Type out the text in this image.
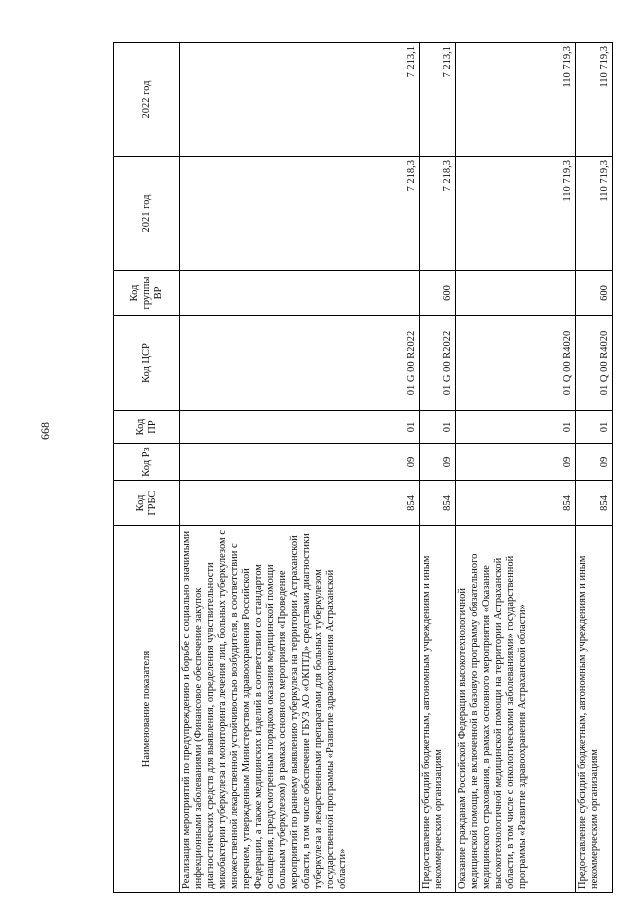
668
Наименование показателя	Код ГРБС	Код Рз	Код ПР	Код ЦСР	Код группы ВР	2021 год	2022 год
Реализация мероприятий по предупреждению и борьбе с социально значимыми инфекционными заболеваниями (Финансовое обеспечение закупок диагностических средств для выявления, определения чувствительности микобактерии туберкулеза и мониторинга лечения лиц, больных туберкулезом с множественной лекарственной устойчивостью возбудителя, в соответствии с перечнем, утвержденным Министерством здравоохранения Российской Федерации, а также медицинских изделий в соответствии со стандартом оснащения, предусмотренным порядком оказания медицинской помощи больным туберкулезом) в рамках основного мероприятия «Проведение мероприятий по раннему выявлению туберкулеза на территории Астраханской области, в том числе обеспечение ГБУЗ АО «ОКПТД» средствами диагностики туберкулеза и лекарственными препаратами для больных туберкулезом государственной программы «Развитие здравоохранения Астраханской области»	854	09	01	01 G 00 R2022		7 218,3	7 213,1
Предоставление субсидий бюджетным, автономным учреждениям и иным некоммерческим организациям	854	09	01	01 G 00 R2022	600	7 218,3	7 213,1
Оказание гражданам Российской Федерации высокотехнологичной медицинской помощи, не включенной в базовую программу обязательного медицинского страхования, в рамках основного мероприятия «Оказание высокотехнологичной медицинской помощи на территории Астраханской области, в том числе с онкологическими заболеваниями» государственной программы «Развитие здравоохранения Астраханской области»	854	09	01	01 Q 00 R4020		110 719,3	110 719,3
Предоставление субсидий бюджетным, автономным учреждениям и иным некоммерческим организациям	854	09	01	01 Q 00 R4020	600	110 719,3	110 719,3
